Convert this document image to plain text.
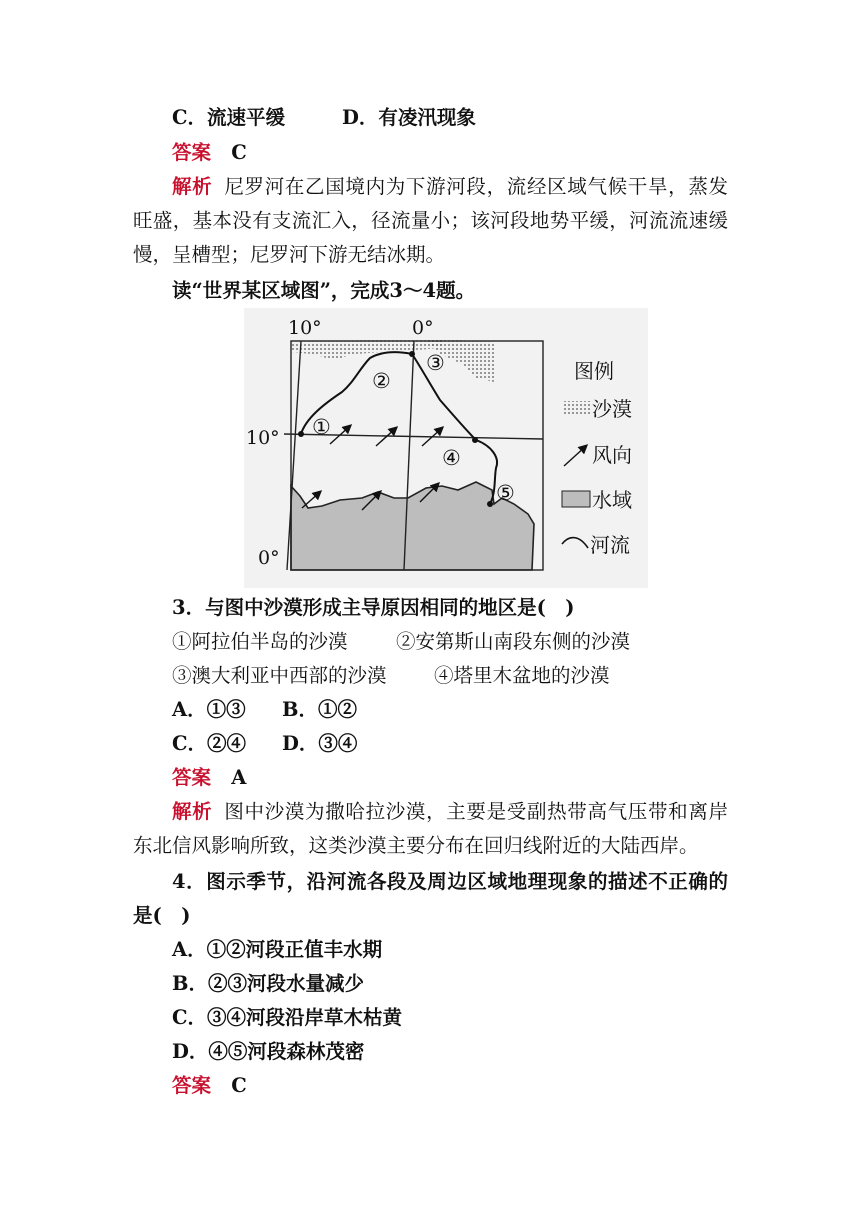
C．流速平缓	D．有凌汛现象
答案 C
解析 尼罗河在乙国境内为下游河段，流经区域气候干旱，蒸发
旺盛，基本没有支流汇入，径流量小；该河段地势平缓，河流流速缓
慢，呈槽型；尼罗河下游无结冰期。
读“世界某区域图”，完成3～4题。
10°	0°
10°
0°
①
②
③
④
⑤
图例
沙漠
风向
水域
河流
3．与图中沙漠形成主导原因相同的地区是(　)
①阿拉伯半岛的沙漠 ②安第斯山南段东侧的沙漠
③澳大利亚中西部的沙漠 ④塔里木盆地的沙漠
A．①③ B．①②
C．②④ D．③④
答案 A
解析 图中沙漠为撒哈拉沙漠，主要是受副热带高气压带和离岸
东北信风影响所致，这类沙漠主要分布在回归线附近的大陆西岸。
4．图示季节，沿河流各段及周边区域地理现象的描述不正确的
是(　)
A．①②河段正值丰水期
B．②③河段水量减少
C．③④河段沿岸草木枯黄
D．④⑤河段森林茂密
答案 C
